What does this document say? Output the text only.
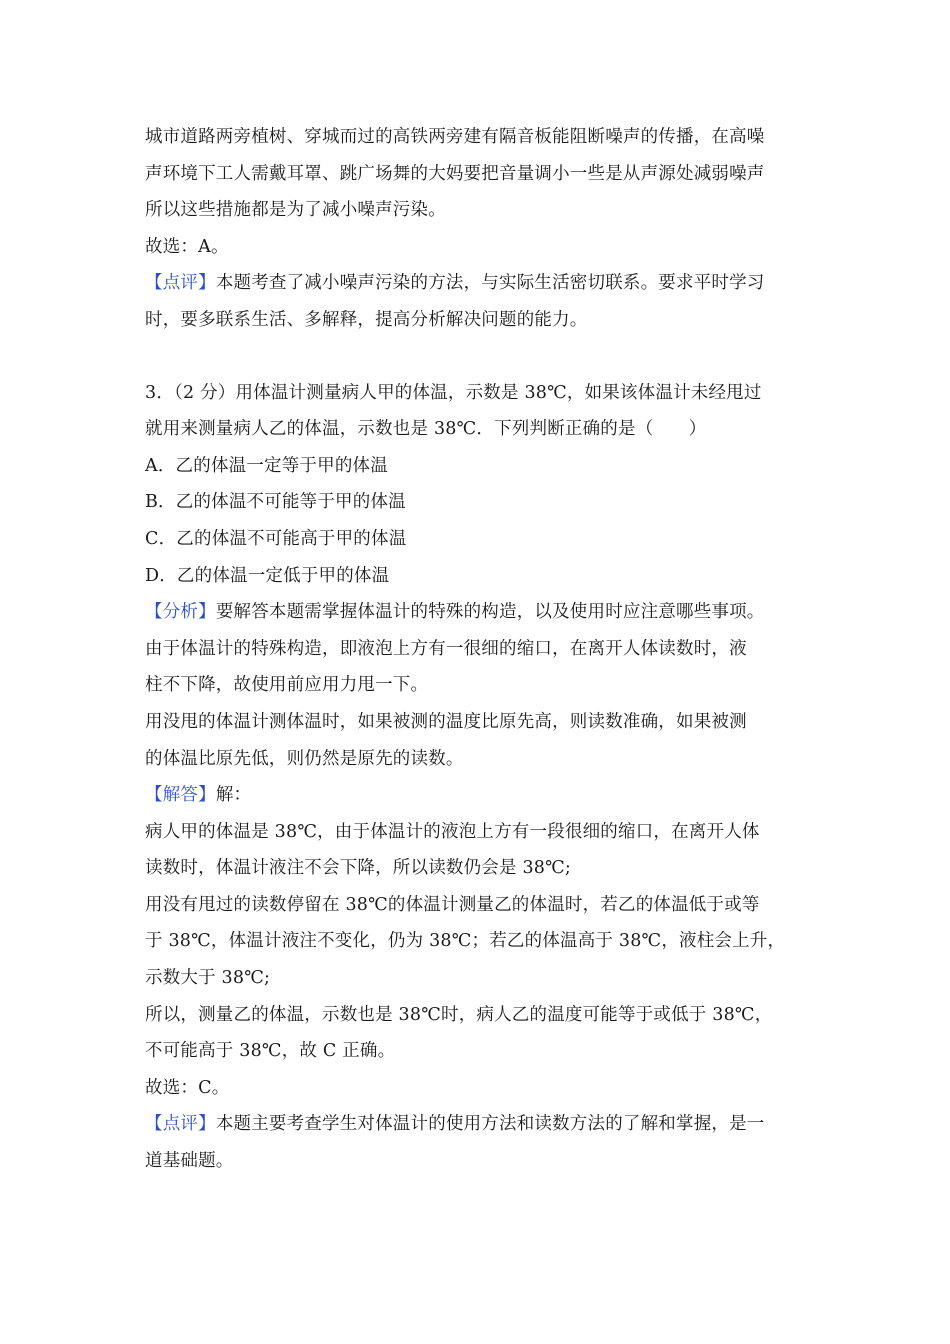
城市道路两旁植树、穿城而过的高铁两旁建有隔音板能阻断噪声的传播，在高噪
声环境下工人需戴耳罩、跳广场舞的大妈要把音量调小一些是从声源处减弱噪声
所以这些措施都是为了减小噪声污染。
故选：A。
【点评】本题考查了减小噪声污染的方法，与实际生活密切联系。要求平时学习
时，要多联系生活、多解释，提高分析解决问题的能力。
3．（2 分）用体温计测量病人甲的体温，示数是 38℃，如果该体温计未经甩过
就用来测量病人乙的体温，示数也是 38℃．下列判断正确的是（　　）
A．乙的体温一定等于甲的体温
B．乙的体温不可能等于甲的体温
C．乙的体温不可能高于甲的体温
D．乙的体温一定低于甲的体温
【分析】要解答本题需掌握体温计的特殊的构造，以及使用时应注意哪些事项。
由于体温计的特殊构造，即液泡上方有一很细的缩口，在离开人体读数时，液
柱不下降，故使用前应用力甩一下。
用没甩的体温计测体温时，如果被测的温度比原先高，则读数准确，如果被测
的体温比原先低，则仍然是原先的读数。
【解答】解：
病人甲的体温是 38℃，由于体温计的液泡上方有一段很细的缩口，在离开人体
读数时，体温计液注不会下降，所以读数仍会是 38℃;
用没有甩过的读数停留在 38℃的体温计测量乙的体温时，若乙的体温低于或等
于 38℃，体温计液注不变化，仍为 38℃；若乙的体温高于 38℃，液柱会上升，
示数大于 38℃;
所以，测量乙的体温，示数也是 38℃时，病人乙的温度可能等于或低于 38℃，
不可能高于 38℃，故 C 正确。
故选：C。
【点评】本题主要考查学生对体温计的使用方法和读数方法的了解和掌握，是一
道基础题。
